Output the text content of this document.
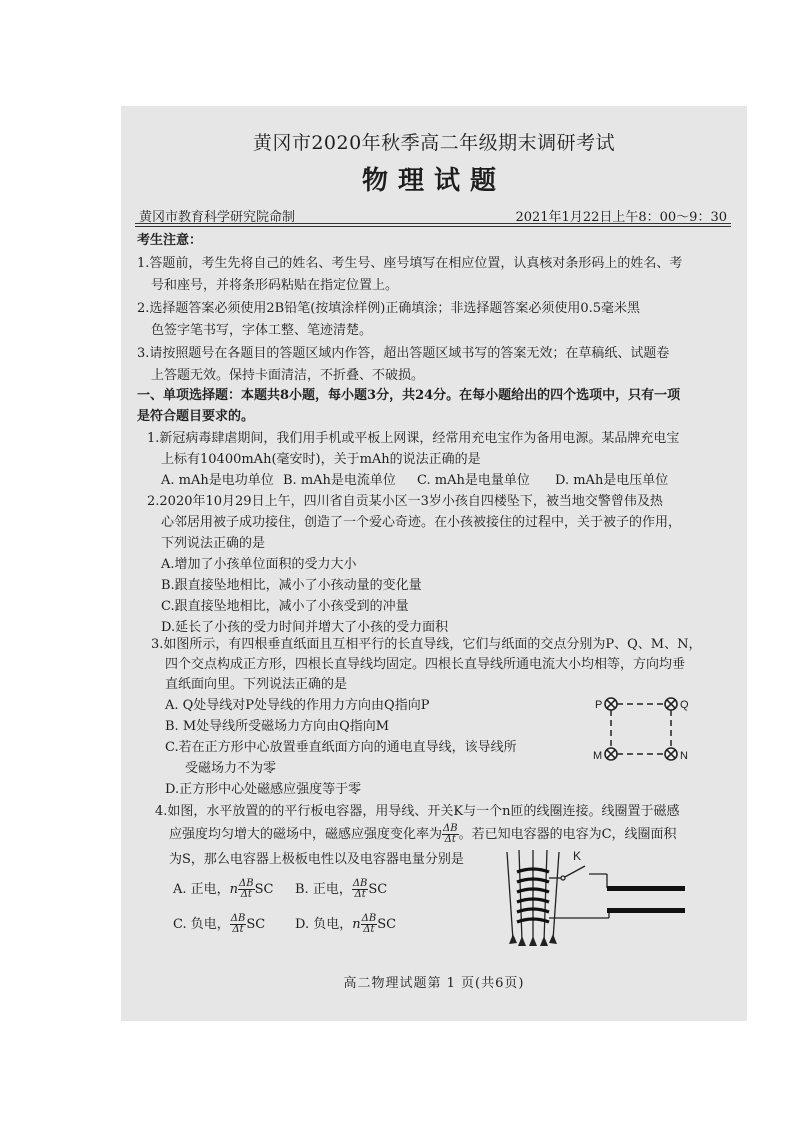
黄冈市2020年秋季高二年级期末调研考试
物理试题
黄冈市教育科学研究院命制	2021年1月22日上午8：00～9：30
考生注意：
1.答题前，考生先将自己的姓名、考生号、座号填写在相应位置，认真核对条形码上的姓名、考
号和座号，并将条形码粘贴在指定位置上。
2.选择题答案必须使用2B铅笔(按填涂样例)正确填涂；非选择题答案必须使用0.5毫米黑
色签字笔书写，字体工整、笔迹清楚。
3.请按照题号在各题目的答题区域内作答，超出答题区域书写的答案无效；在草稿纸、试题卷
上答题无效。保持卡面清洁，不折叠、不破损。
一、单项选择题：本题共8小题，每小题3分，共24分。在每小题给出的四个选项中，只有一项
是符合题目要求的。
1.新冠病毒肆虐期间，我们用手机或平板上网课，经常用充电宝作为备用电源。某品牌充电宝
上标有10400mAh(毫安时)，关于mAh的说法正确的是
A. mAh是电功单位 B. mAh是电流单位 C. mAh是电量单位 D. mAh是电压单位
2.2020年10月29日上午，四川省自贡某小区一3岁小孩自四楼坠下，被当地交警曾伟及热
心邻居用被子成功接住，创造了一个爱心奇迹。在小孩被接住的过程中，关于被子的作用，
下列说法正确的是
A.增加了小孩单位面积的受力大小
B.跟直接坠地相比，减小了小孩动量的变化量
C.跟直接坠地相比，减小了小孩受到的冲量
D.延长了小孩的受力时间并增大了小孩的受力面积
3.如图所示，有四根垂直纸面且互相平行的长直导线，它们与纸面的交点分别为P、Q、M、N，
四个交点构成正方形，四根长直导线均固定。四根长直导线所通电流大小均相等，方向均垂
直纸面向里。下列说法正确的是
A. Q处导线对P处导线的作用力方向由Q指向P
B. M处导线所受磁场力方向由Q指向M
C.若在正方形中心放置垂直纸面方向的通电直导线，该导线所
受磁场力不为零
D.正方形中心处磁感应强度等于零
P	Q
M	N
4.如图，水平放置的的平行板电容器，用导线、开关K与一个n匝的线圈连接。线圈置于磁感
应强度均匀增大的磁场中，磁感应强度变化率为 $\frac{\Delta B}{\Delta t}$ 。若已知电容器的电容为C，线圈面积
为S，那么电容器上极板电性以及电容器电量分别是
A. 正电，n $\frac{\Delta B}{\Delta t}$ SC B. 正电， $\frac{\Delta B}{\Delta t}$ SC
C. 负电， $\frac{\Delta B}{\Delta t}$ SC D. 负电，n $\frac{\Delta B}{\Delta t}$ SC
K
高二物理试题第 1 页(共6页)
